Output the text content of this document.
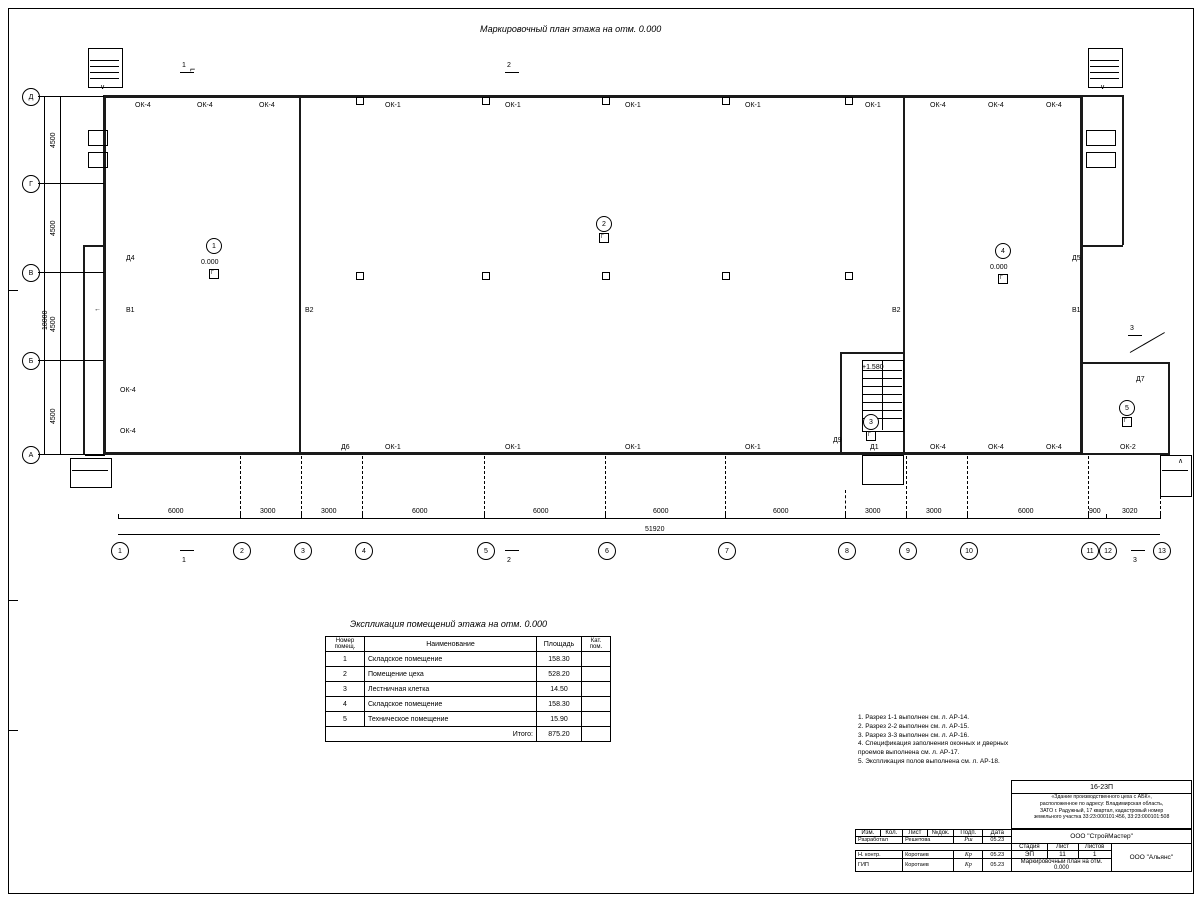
Маркировочный план этажа на отм. 0.000
∨	∨
∧
ОК-4	ОК-4	ОК-4	ОК-1	ОК-1	ОК-1	ОК-1	ОК-1	ОК-4	ОК-4	ОК-4
ОК-1	ОК-1	ОК-1	ОК-1	ОК-4	ОК-4	ОК-4	ОК-2
ОК-4
ОК-4
Д4	Д5
Д6
Д7
Д9
Д1
В1	В2	В2	В1
←
1
0.000
Г
2
Г
4
0.000
Г
3
Г
+1.580
5
Г
1 ⌐	2
3
Д
Г
В
Б
А
4500
4500
4500
4500
18000
51920
6000	3000	3000	6000	6000	6000	6000	3000	3000	6000	900	3020
1	2	3	4	5	6	7	8	9	10	11	12	13
1	2	3
Экспликация помещений этажа на отм. 0.000
Номер помещ.	Наименование	Площадь	Кат. пом.
1	Складское помещение	158.30	
2	Помещение цеха	528.20	
3	Лестничная клетка	14.50	
4	Складское помещение	158.30	
5	Техническое помещение	15.90	
Итого:		875.20	
1. Разрез 1-1 выполнен см. л. АР-14.
2. Разрез 2-2 выполнен см. л. АР-15.
3. Разрез 3-3 выполнен см. л. АР-16.
4. Спецификация заполнения оконных и дверных
проемов выполнена см. л. АР-17.
5. Экспликация полов выполнена см. л. АР-18.
						16-23П			
						«Здание производственного цеха с АБК»,
расположенное по адресу: Владимирская область,
ЗАТО г. Радужный, 17 квартал, кадастровый номер
земельного участка 33:23:000101:456, 33:23:000101:508			

Изм.	Кол.	Лист	№док.	Подп.	Дата	ООО "СтройМастер"			
Разработал		Решетова		Рш	05.23				
						Стадия	Лист	Листов	ООО "Альянс"
Н. контр.		Коротаев		Кр	05.23	ЭП	11	1	
ГИП		Коротаев		Кр	05.23	Маркировочный план на отм. 0.000			
